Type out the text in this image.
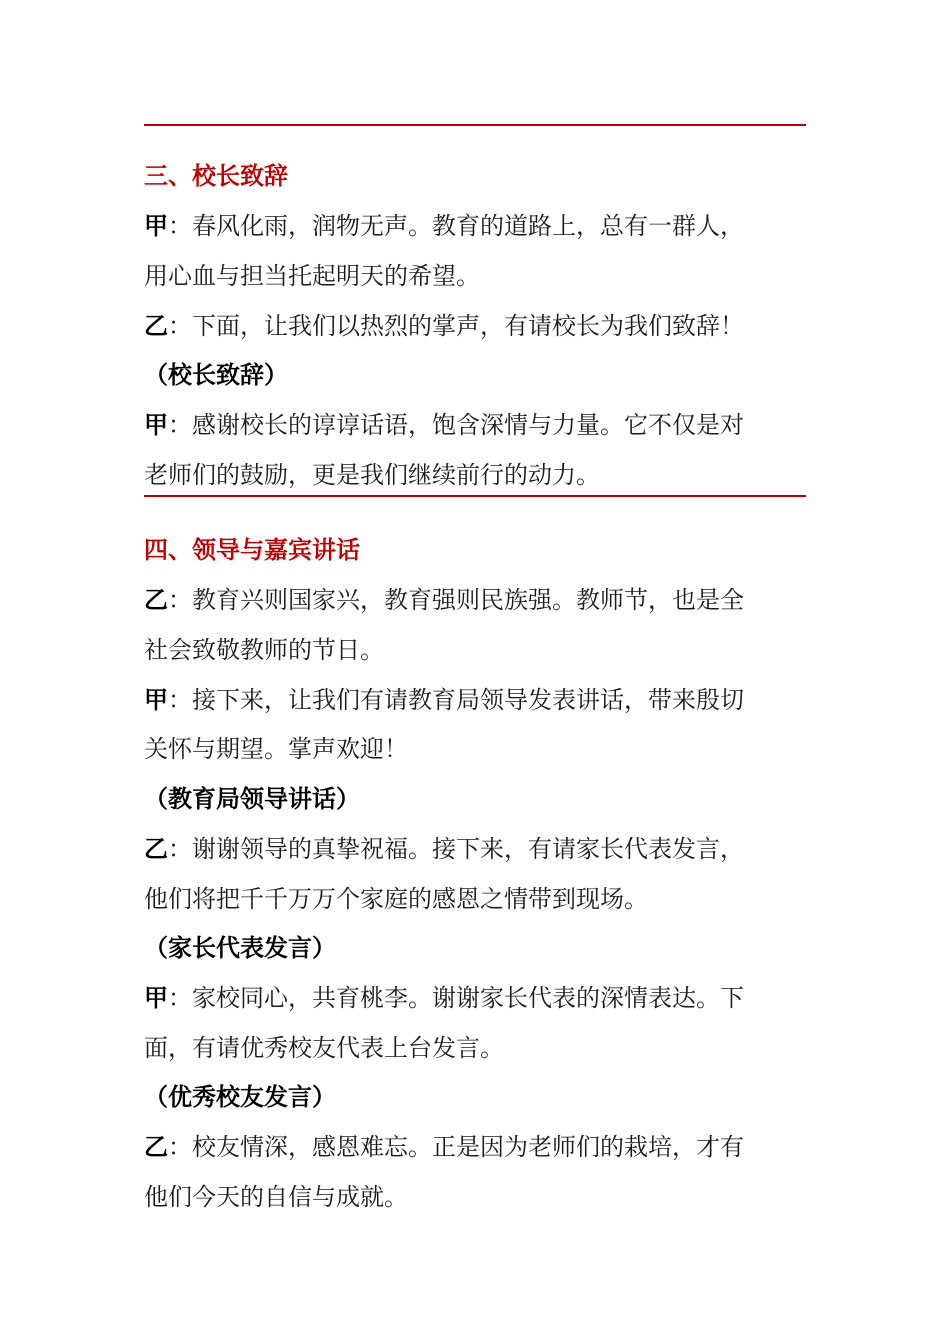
三、校长致辞
甲：春风化雨，润物无声。教育的道路上，总有一群人，
用心血与担当托起明天的希望。
乙：下面，让我们以热烈的掌声，有请校长为我们致辞！
（校长致辞）
甲：感谢校长的谆谆话语，饱含深情与力量。它不仅是对
老师们的鼓励，更是我们继续前行的动力。
四、领导与嘉宾讲话
乙：教育兴则国家兴，教育强则民族强。教师节，也是全
社会致敬教师的节日。
甲：接下来，让我们有请教育局领导发表讲话，带来殷切
关怀与期望。掌声欢迎！
（教育局领导讲话）
乙：谢谢领导的真挚祝福。接下来，有请家长代表发言，
他们将把千千万万个家庭的感恩之情带到现场。
（家长代表发言）
甲：家校同心，共育桃李。谢谢家长代表的深情表达。下
面，有请优秀校友代表上台发言。
（优秀校友发言）
乙：校友情深，感恩难忘。正是因为老师们的栽培，才有
他们今天的自信与成就。
